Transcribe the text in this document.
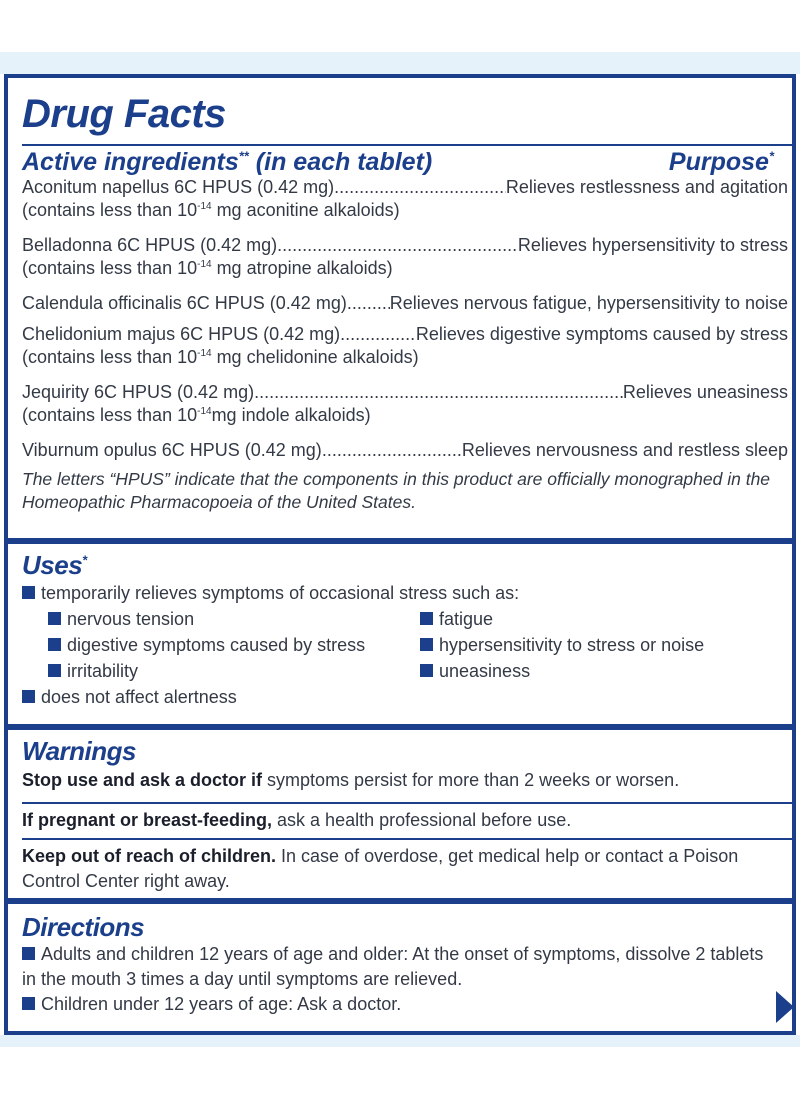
Drug Facts
Active ingredients** (in each tablet)	Purpose*
Aconitum napellus 6C HPUS (0.42 mg) .....	Relieves restlessness and agitation
(contains less than $10^{-14}$ mg aconitine alkaloids)
Belladonna 6C HPUS (0.42 mg) .....	Relieves hypersensitivity to stress
(contains less than $10^{-14}$ mg atropine alkaloids)
Calendula officinalis 6C HPUS (0.42 mg) ..... Relieves nervous fatigue, hypersensitivity to noise
Chelidonium majus 6C HPUS (0.42 mg) .....	Relieves digestive symptoms caused by stress
(contains less than $10^{-14}$ mg chelidonine alkaloids)
Jequirity 6C HPUS (0.42 mg) .....	Relieves uneasiness
(contains less than $10^{-14}mg$ indole alkaloids)
Viburnum opulus 6C HPUS (0.42 mg) .....	Relieves nervousness and restless sleep
The letters “HPUS” indicate that the components in this product are officially monographed in the Homeopathic Pharmacopoeia of the United States.
Uses*
temporarily relieves symptoms of occasional stress such as:
nervous tension	fatigue
digestive symptoms caused by stress	hypersensitivity to stress or noise
irritability	uneasiness
does not affect alertness
Warnings
Stop use and ask a doctor if symptoms persist for more than 2 weeks or worsen.
If pregnant or breast-feeding, ask a health professional before use.
Keep out of reach of children. In case of overdose, get medical help or contact a Poison Control Center right away.
Directions
Adults and children 12 years of age and older: At the onset of symptoms, dissolve 2 tablets in the mouth 3 times a day until symptoms are relieved.
Children under 12 years of age: Ask a doctor.
